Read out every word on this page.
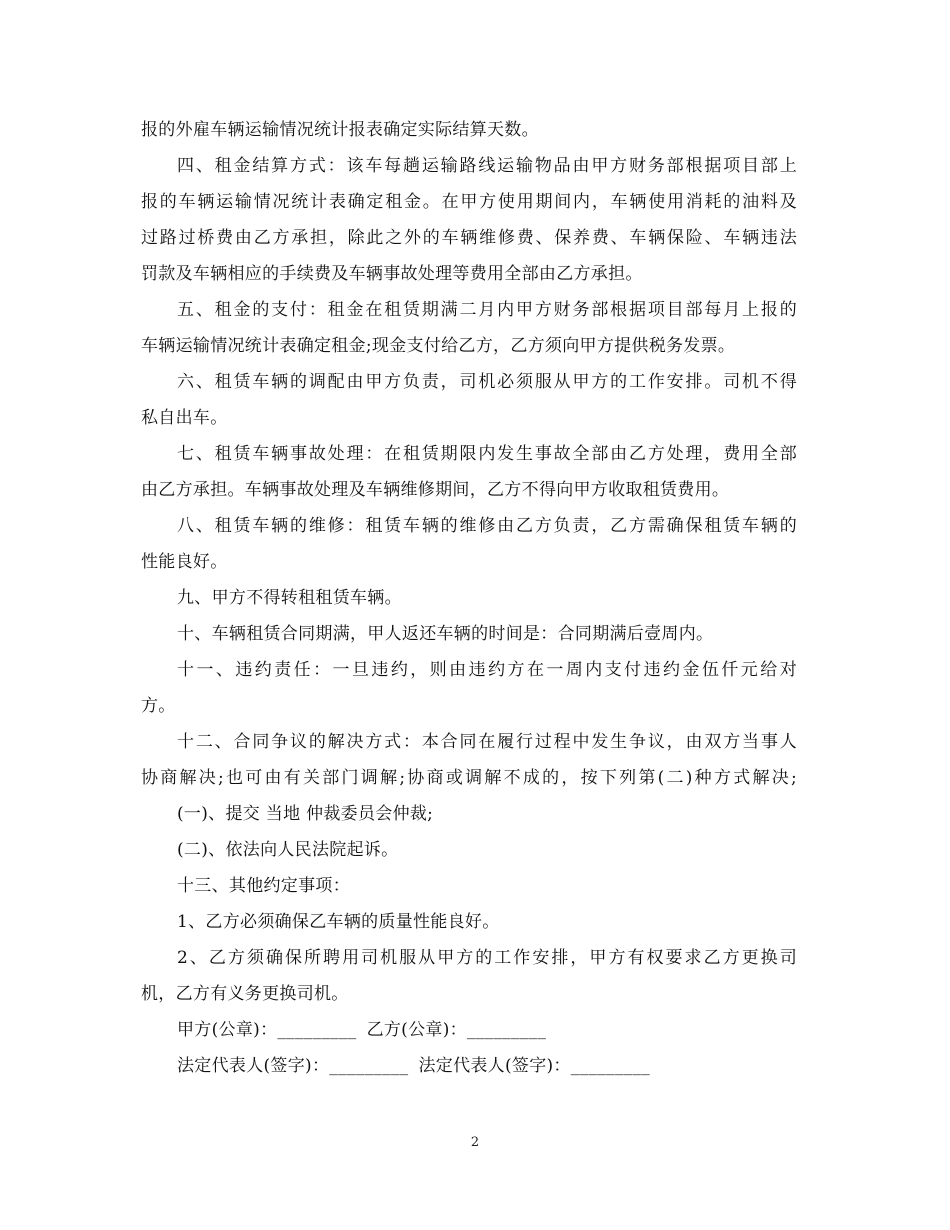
报的外雇车辆运输情况统计报表确定实际结算天数。
四、租金结算方式：该车每趟运输路线运输物品由甲方财务部根据项目部上
报的车辆运输情况统计表确定租金。在甲方使用期间内，车辆使用消耗的油料及
过路过桥费由乙方承担，除此之外的车辆维修费、保养费、车辆保险、车辆违法
罚款及车辆相应的手续费及车辆事故处理等费用全部由乙方承担。
五、租金的支付：租金在租赁期满二月内甲方财务部根据项目部每月上报的
车辆运输情况统计表确定租金;现金支付给乙方，乙方须向甲方提供税务发票。
六、租赁车辆的调配由甲方负责，司机必须服从甲方的工作安排。司机不得
私自出车。
七、租赁车辆事故处理：在租赁期限内发生事故全部由乙方处理，费用全部
由乙方承担。车辆事故处理及车辆维修期间，乙方不得向甲方收取租赁费用。
八、租赁车辆的维修：租赁车辆的维修由乙方负责，乙方需确保租赁车辆的
性能良好。
九、甲方不得转租租赁车辆。
十、车辆租赁合同期满，甲人返还车辆的时间是：合同期满后壹周内。
十一、违约责任：一旦违约，则由违约方在一周内支付违约金伍仟元给对
方。
十二、合同争议的解决方式：本合同在履行过程中发生争议，由双方当事人
协商解决;也可由有关部门调解;协商或调解不成的，按下列第(二)种方式解决;
(一)、提交 当地 仲裁委员会仲裁;
(二)、依法向人民法院起诉。
十三、其他约定事项：
1、乙方必须确保乙车辆的质量性能良好。
2、乙方须确保所聘用司机服从甲方的工作安排，甲方有权要求乙方更换司
机，乙方有义务更换司机。
甲方(公章)：_________ 乙方(公章)：_________
法定代表人(签字)：_________ 法定代表人(签字)：_________
2
